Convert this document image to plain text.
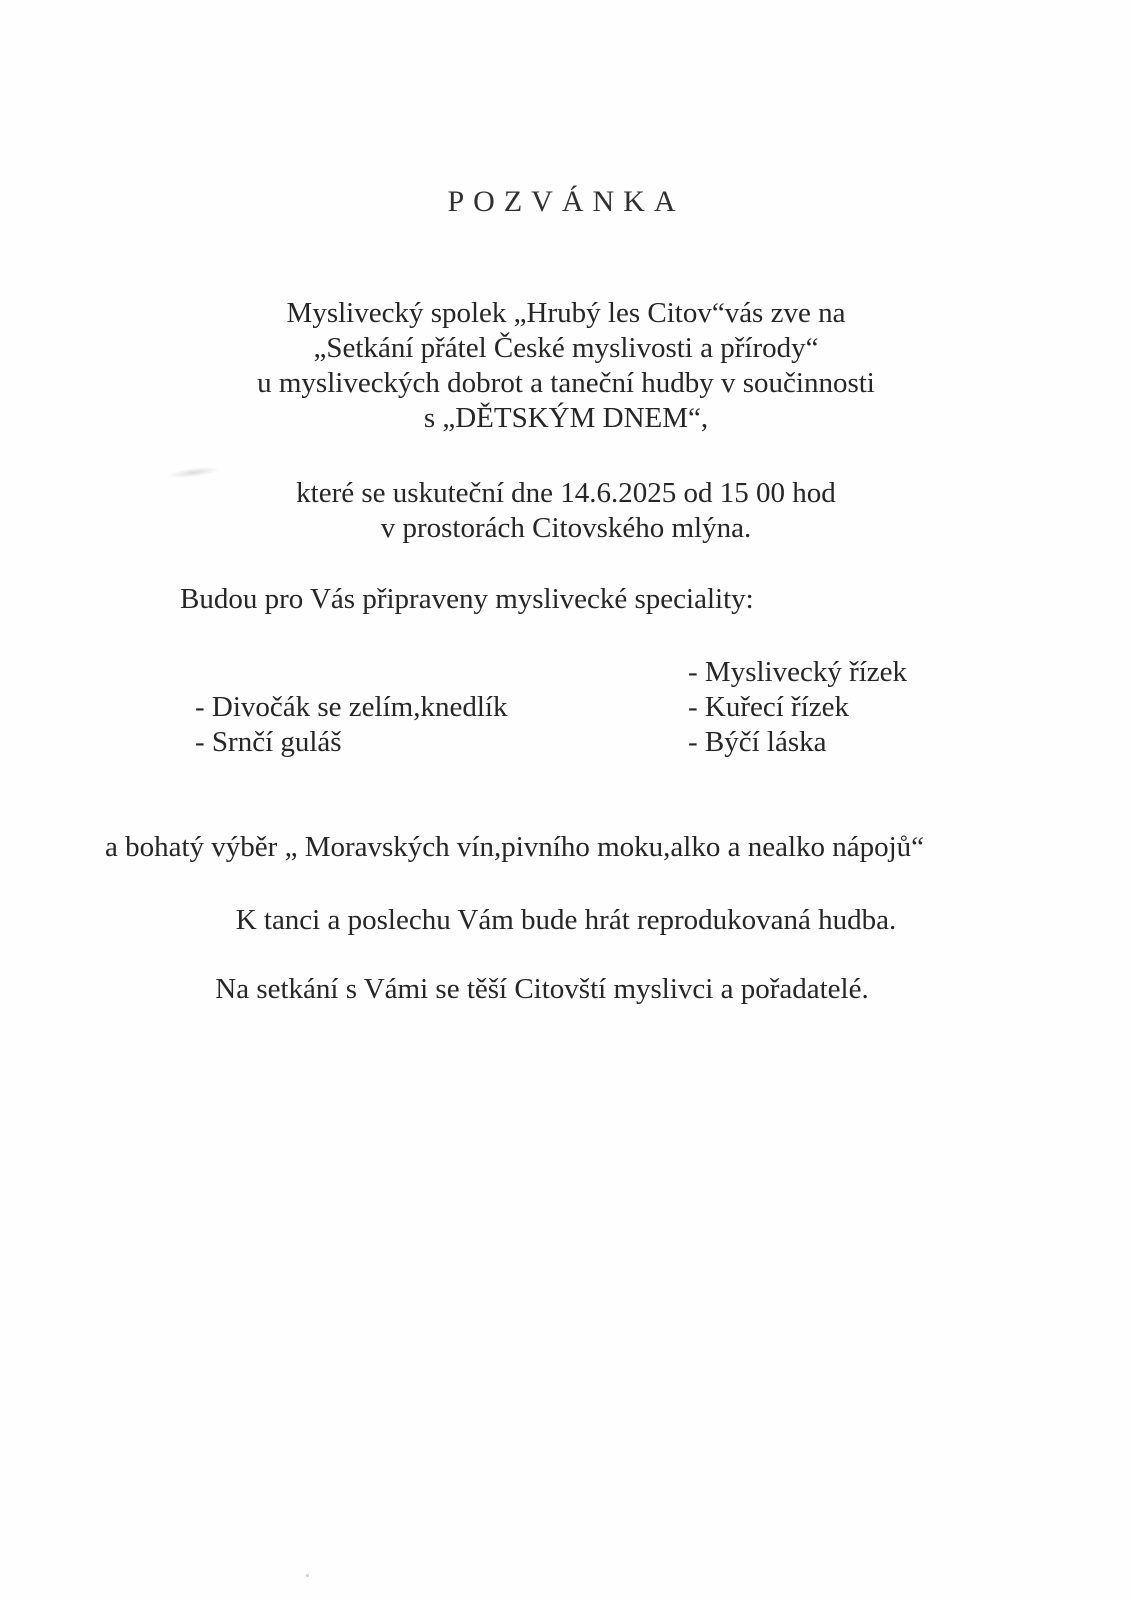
POZVÁNKA
Myslivecký spolek „Hrubý les Citov“vás zve na
„Setkání přátel České myslivosti a přírody“
u mysliveckých dobrot a taneční hudby v součinnosti
s „DĚTSKÝM DNEM“,
které se uskuteční dne 14.6.2025 od 15 00 hod
v prostorách Citovského mlýna.
Budou pro Vás připraveny myslivecké speciality:
- Divočák se zelím,knedlík
- Srnčí guláš
- Myslivecký řízek
- Kuřecí řízek
- Býčí láska
a bohatý výběr „ Moravských vín,pivního moku,alko a nealko nápojů“
K tanci a poslechu Vám bude hrát reprodukovaná hudba.
Na setkání s Vámi se těší Citovští myslivci a pořadatelé.
